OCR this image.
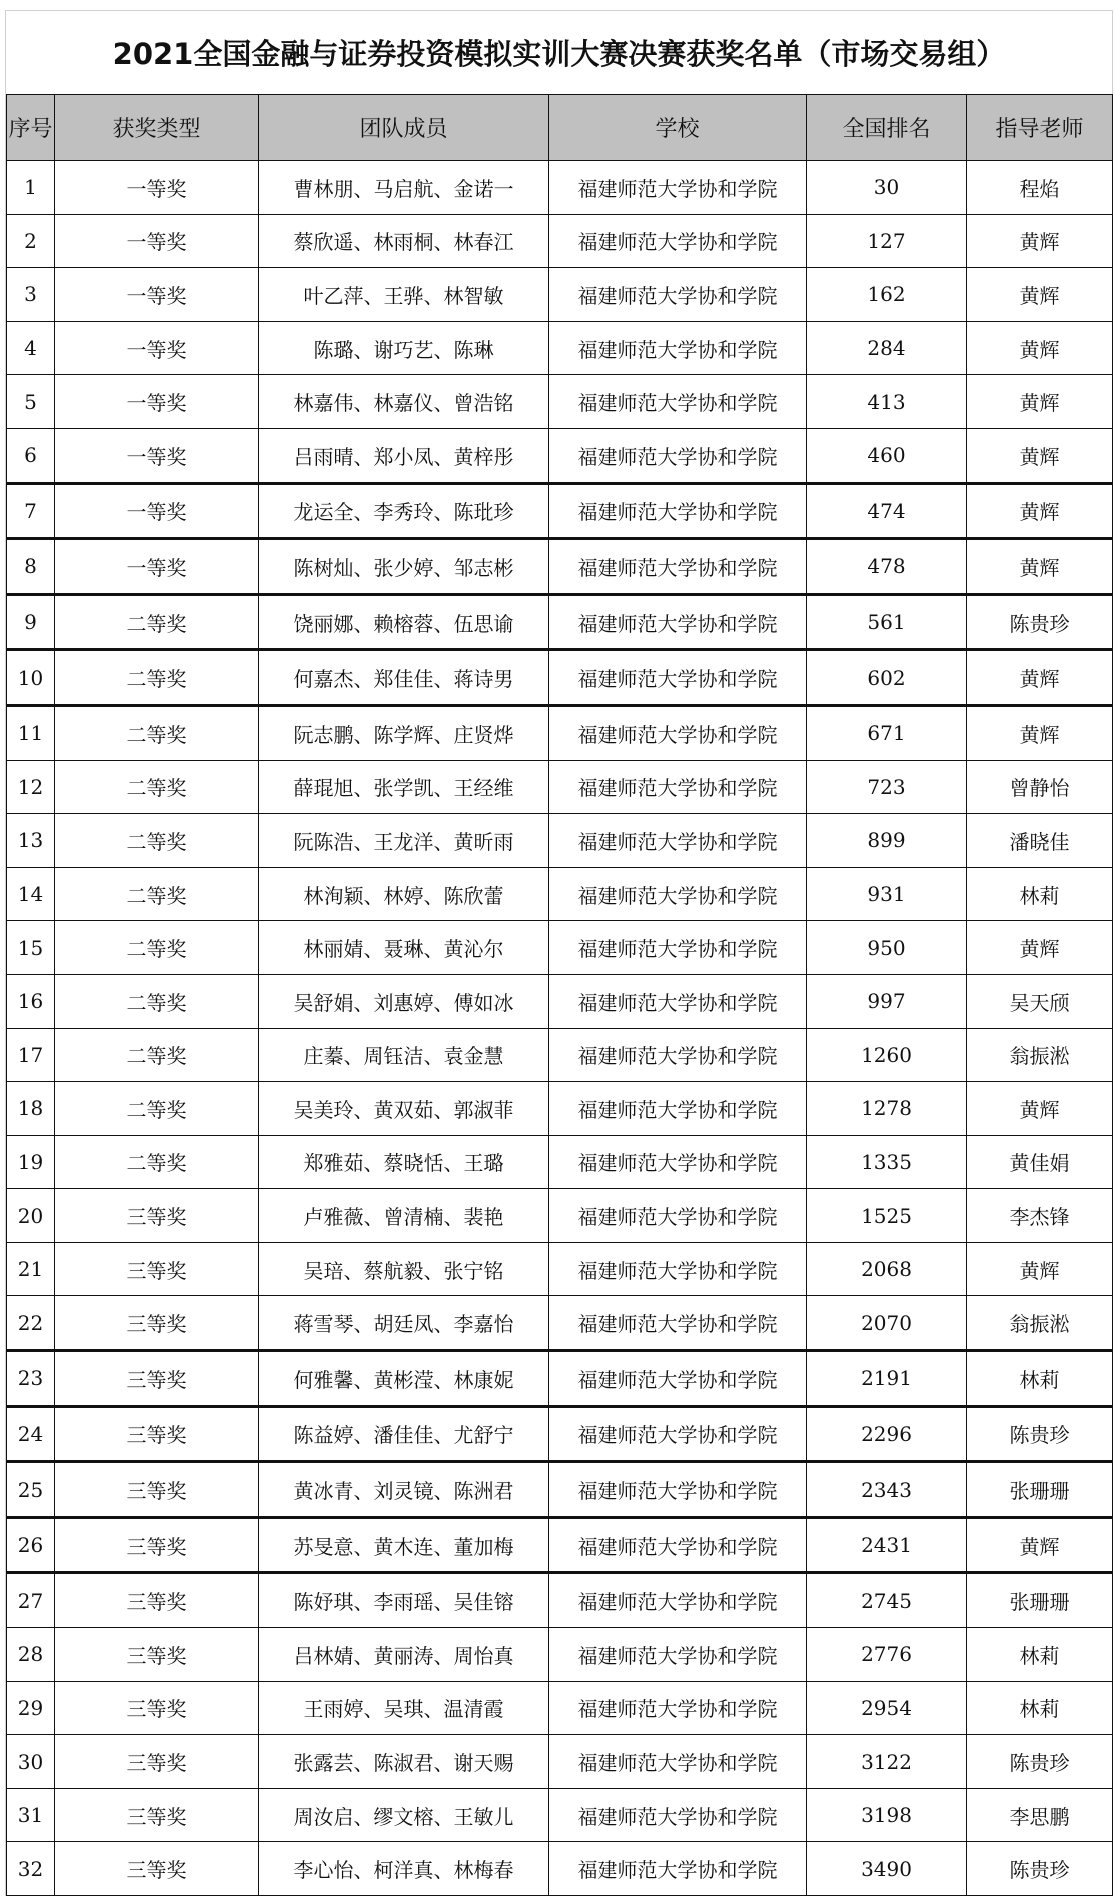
2021全国金融与证券投资模拟实训大赛决赛获奖名单（市场交易组）
序号	获奖类型	团队成员	学校	全国排名	指导老师
1	一等奖	曹林朋、马启航、金诺一	福建师范大学协和学院	30	程焰
2	一等奖	蔡欣遥、林雨桐、林春江	福建师范大学协和学院	127	黄辉
3	一等奖	叶乙萍、王骅、林智敏	福建师范大学协和学院	162	黄辉
4	一等奖	陈璐、谢巧艺、陈琳	福建师范大学协和学院	284	黄辉
5	一等奖	林嘉伟、林嘉仪、曾浩铭	福建师范大学协和学院	413	黄辉
6	一等奖	吕雨晴、郑小凤、黄梓彤	福建师范大学协和学院	460	黄辉
7	一等奖	龙运全、李秀玲、陈玭珍	福建师范大学协和学院	474	黄辉
8	一等奖	陈树灿、张少婷、邹志彬	福建师范大学协和学院	478	黄辉
9	二等奖	饶丽娜、赖榕蓉、伍思谕	福建师范大学协和学院	561	陈贵珍
10	二等奖	何嘉杰、郑佳佳、蒋诗男	福建师范大学协和学院	602	黄辉
11	二等奖	阮志鹏、陈学辉、庄贤烨	福建师范大学协和学院	671	黄辉
12	二等奖	薛琨旭、张学凯、王经维	福建师范大学协和学院	723	曾静怡
13	二等奖	阮陈浩、王龙洋、黄昕雨	福建师范大学协和学院	899	潘晓佳
14	二等奖	林洵颖、林婷、陈欣蕾	福建师范大学协和学院	931	林莉
15	二等奖	林丽婧、聂琳、黄沁尔	福建师范大学协和学院	950	黄辉
16	二等奖	吴舒娟、刘惠婷、傅如冰	福建师范大学协和学院	997	吴天颀
17	二等奖	庄蓁、周钰洁、袁金慧	福建师范大学协和学院	1260	翁振淞
18	二等奖	吴美玲、黄双茹、郭淑菲	福建师范大学协和学院	1278	黄辉
19	二等奖	郑雅茹、蔡晓恬、王璐	福建师范大学协和学院	1335	黄佳娟
20	三等奖	卢雅薇、曾清楠、裴艳	福建师范大学协和学院	1525	李杰锋
21	三等奖	吴琣、蔡航毅、张宁铭	福建师范大学协和学院	2068	黄辉
22	三等奖	蒋雪琴、胡廷凤、李嘉怡	福建师范大学协和学院	2070	翁振淞
23	三等奖	何雅馨、黄彬滢、林康妮	福建师范大学协和学院	2191	林莉
24	三等奖	陈益婷、潘佳佳、尤舒宁	福建师范大学协和学院	2296	陈贵珍
25	三等奖	黄冰青、刘灵镜、陈洲君	福建师范大学协和学院	2343	张珊珊
26	三等奖	苏旻意、黄木连、董加梅	福建师范大学协和学院	2431	黄辉
27	三等奖	陈妤琪、李雨瑶、吴佳镕	福建师范大学协和学院	2745	张珊珊
28	三等奖	吕林婧、黄丽涛、周怡真	福建师范大学协和学院	2776	林莉
29	三等奖	王雨婷、吴琪、温清霞	福建师范大学协和学院	2954	林莉
30	三等奖	张露芸、陈淑君、谢天赐	福建师范大学协和学院	3122	陈贵珍
31	三等奖	周汝启、缪文榕、王敏儿	福建师范大学协和学院	3198	李思鹏
32	三等奖	李心怡、柯洋真、林梅春	福建师范大学协和学院	3490	陈贵珍
